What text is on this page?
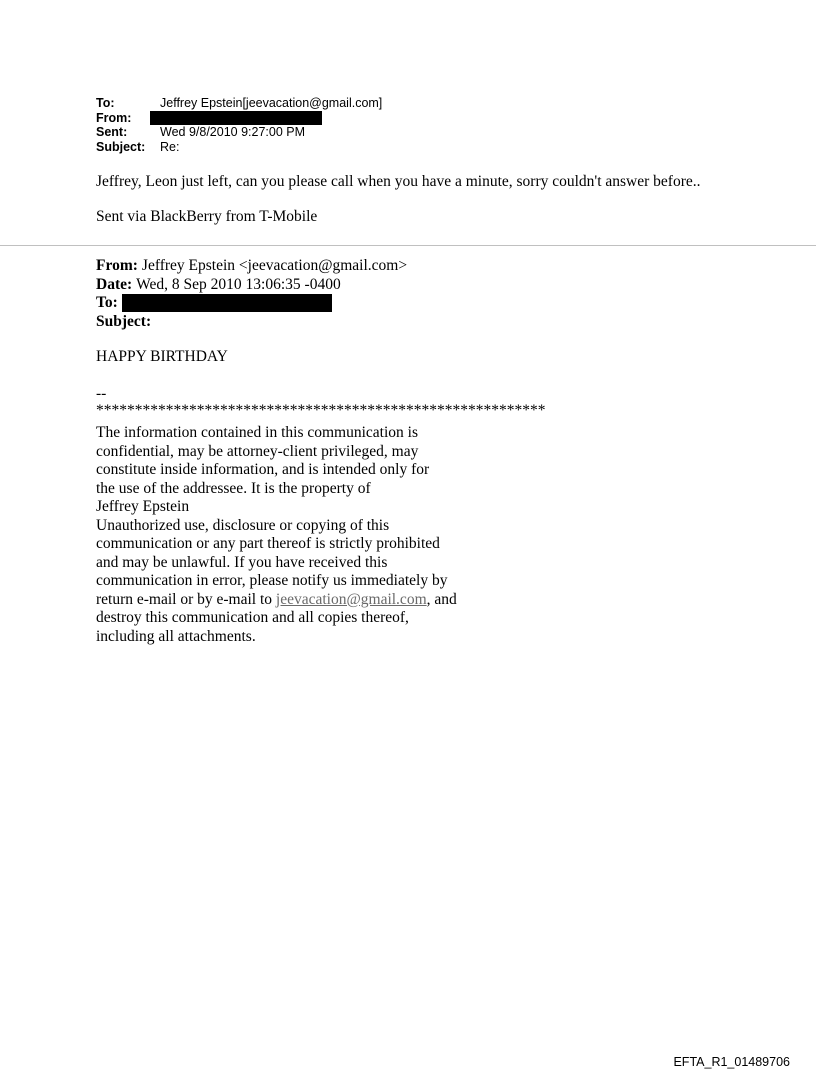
To:	Jeffrey Epstein[jeevacation@gmail.com]
From:
Sent:	Wed 9/8/2010 9:27:00 PM
Subject:	Re:
Jeffrey, Leon just left, can you please call when you have a minute, sorry couldn't answer before..
Sent via BlackBerry from T-Mobile
From: Jeffrey Epstein <jeevacation@gmail.com>
Date: Wed, 8 Sep 2010 13:06:35 -0400
To:
Subject:
HAPPY BIRTHDAY
--
**********************************************************
The information contained in this communication is
confidential, may be attorney-client privileged, may
constitute inside information, and is intended only for
the use of the addressee. It is the property of
Jeffrey Epstein
Unauthorized use, disclosure or copying of this
communication or any part thereof is strictly prohibited
and may be unlawful. If you have received this
communication in error, please notify us immediately by
return e-mail or by e-mail to jeevacation@gmail.com, and
destroy this communication and all copies thereof,
including all attachments.
EFTA_R1_01489706
